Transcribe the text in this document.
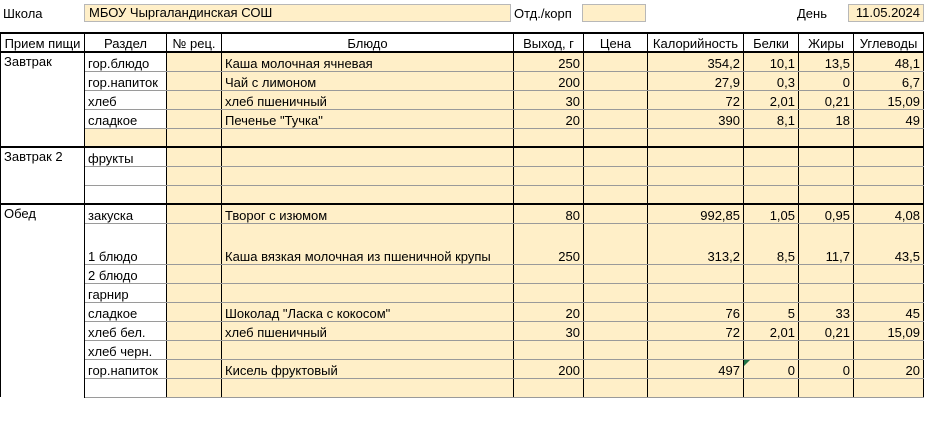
Школа	МБОУ Чыргаландинская СОШ	Отд./корп	День	11.05.2024
Прием пищи	Раздел	№ рец.	Блюдо	Выход, г	Цена	Калорийность	Белки	Жиры	Углеводы
Завтрак	гор.блюдо		Каша молочная ячневая	250		354,2	10,1	13,5	48,1
	гор.напиток		Чай с лимоном	200		27,9	0,3	0	6,7
	хлеб		хлеб пшеничный	30		72	2,01	0,21	15,09
	сладкое		Печенье "Тучка"	20		390	8,1	18	49

Завтрак 2	фрукты								

Обед	закуска		Творог с изюмом	80		992,85	1,05	0,95	4,08
	1 блюдо		Каша вязкая молочная из пшеничной крупы	250		313,2	8,5	11,7	43,5
	2 блюдо								
	гарнир								
	сладкое		Шоколад "Ласка с кокосом"	20		76	5	33	45
	хлеб бел.		хлеб пшеничный	30		72	2,01	0,21	15,09
	хлеб черн.								
	гор.напиток		Кисель фруктовый	200		497	0	0	20
